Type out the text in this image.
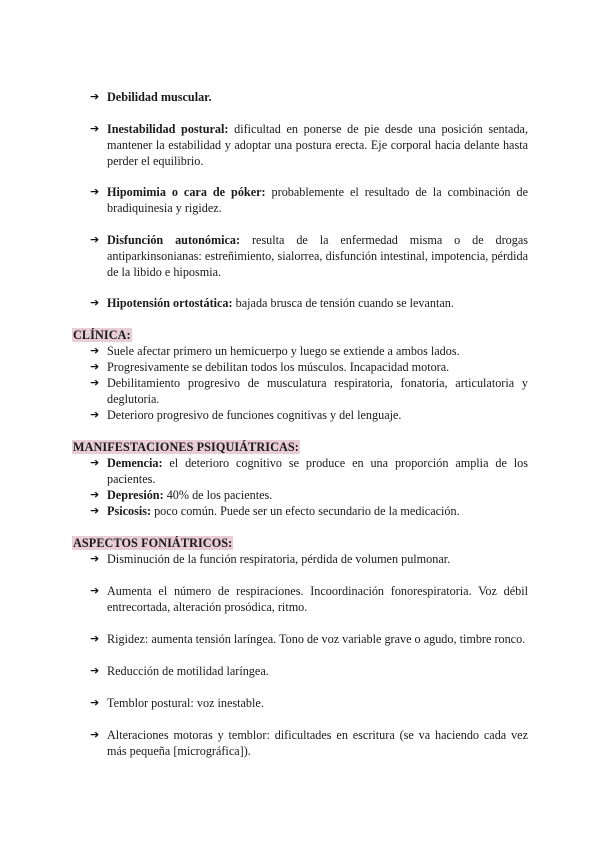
➔ Debilidad muscular.
➔ Inestabilidad postural: dificultad en ponerse de pie desde una posición sentada, mantener la estabilidad y adoptar una postura erecta. Eje corporal hacia delante hasta perder el equilibrio.
➔ Hipomimia o cara de póker: probablemente el resultado de la combinación de bradiquinesia y rigidez.
➔ Disfunción autonómica: resulta de la enfermedad misma o de drogas antiparkinsonianas: estreñimiento, sialorrea, disfunción intestinal, impotencia, pérdida de la libido e hiposmia.
➔ Hipotensión ortostática: bajada brusca de tensión cuando se levantan.
CLÍNICA:
➔ Suele afectar primero un hemicuerpo y luego se extiende a ambos lados.
➔ Progresivamente se debilitan todos los músculos. Incapacidad motora.
➔ Debilitamiento progresivo de musculatura respiratoria, fonatoria, articulatoria y deglutoria.
➔ Deterioro progresivo de funciones cognitivas y del lenguaje.
MANIFESTACIONES PSIQUIÁTRICAS:
➔ Demencia: el deterioro cognitivo se produce en una proporción amplia de los pacientes.
➔ Depresión: 40% de los pacientes.
➔ Psicosis: poco común. Puede ser un efecto secundario de la medicación.
ASPECTOS FONIÁTRICOS:
➔ Disminución de la función respiratoria, pérdida de volumen pulmonar.
➔ Aumenta el número de respiraciones. Incoordinación fonorespiratoria. Voz débil entrecortada, alteración prosódica, ritmo.
➔ Rigidez: aumenta tensión laríngea. Tono de voz variable grave o agudo, timbre ronco.
➔ Reducción de motilidad laríngea.
➔ Temblor postural: voz inestable.
➔ Alteraciones motoras y temblor: dificultades en escritura (se va haciendo cada vez más pequeña [micrográfica]).
